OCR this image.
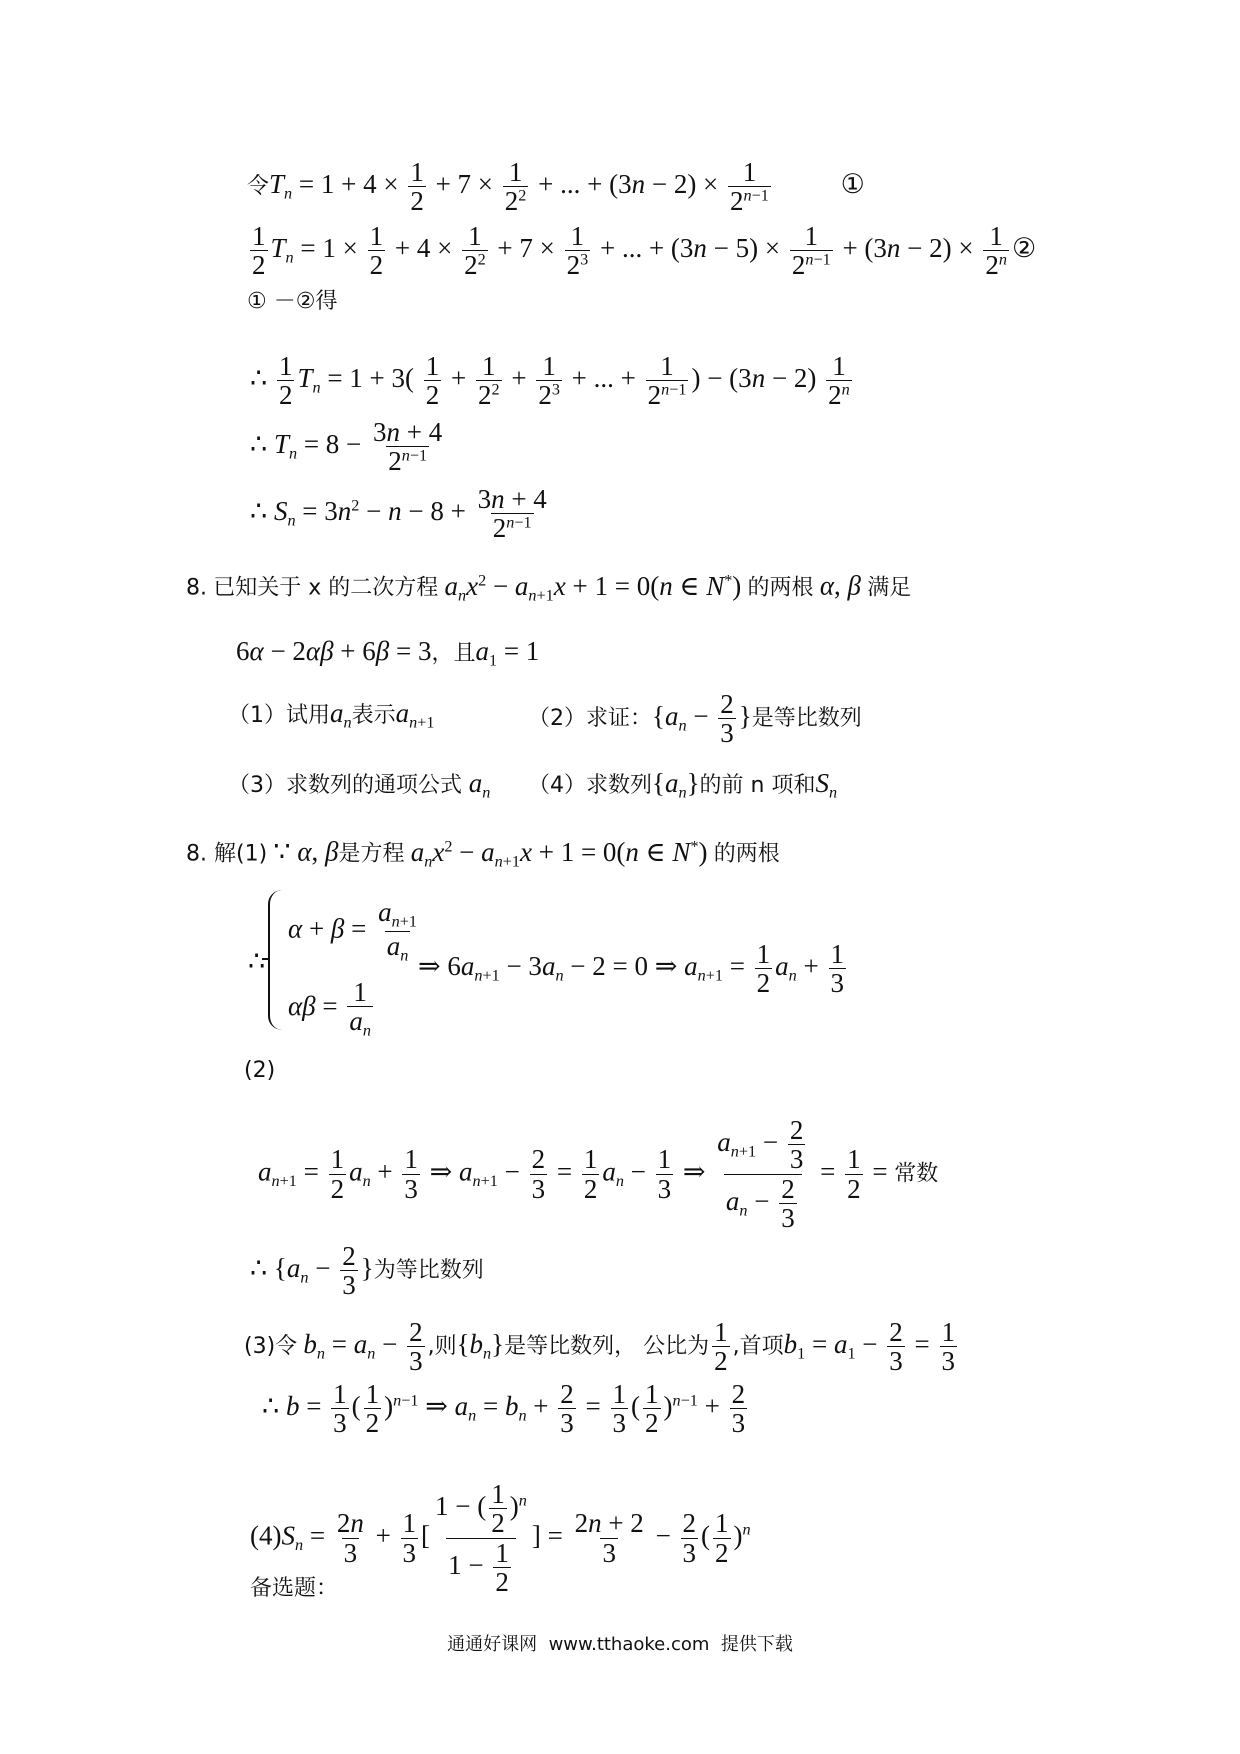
令$T_n = 1 + 4 \times \frac{1}{2} + 7 \times \frac{1}{2^2}$ + ... + $(3n - 2) \times \frac{1}{2^{n-1}}$	①
$\frac{1}{2} T_n = 1 \times \frac{1}{2} + 4 \times \frac{1}{2^2} + 7 \times \frac{1}{2^3}$ + ... + $(3n - 5) \times \frac{1}{2^{n-1}} + (3n - 2) \times \frac{1}{2^n}$ ②
① －②得
∴ $\frac{1}{2} T_n = 1 + 3( \frac{1}{2} + \frac{1}{2^2} + \frac{1}{2^3}$ + ... + $\frac{1}{2^{n-1}}$ ) − $(3n - 2) \frac{1}{2^n}$
∴ $T_n = 8 - \frac{3n + 4}{2^{n-1}}$
∴ $S_n = 3n^2 - n - 8 + \frac{3n + 4}{2^{n-1}}$
8. 已知关于 x 的二次方程 $a_nx^2 - a_{n+1}x + 1 = 0(n$ ∈ N*) 的两根 α, β 满足
6α − 2αβ + 6β = 3，且$a_1 = 1$
（1）试用$a_n$表示$a_{n+1}$	（2）求证：{$a_n - \frac{2}{3}$ }是等比数列
（3）求数列的通项公式 $a_n$ （4）求数列$\{a_n\}$的前 n 项和$S_n$
8. 解(1) ∵ α, β是方程 $a_nx^2 - a_{n+1}x + 1 = 0(n$ ∈ N*) 的两根
∴
$\alpha + \beta = \frac{a_{n+1}}{a_n}$
$\alpha\beta = \frac{1}{a_n}$
⇒ $6a_{n+1} - 3a_n - 2 = 0$ ⇒ $a_{n+1} = \frac{1}{2} a_n + \frac{1}{3}$
(2)
$a_{n+1} = \frac{1}{2} a_n + \frac{1}{3}$ ⇒ $a_{n+1} - \frac{2}{3} = \frac{1}{2} a_n - \frac{1}{3}$ ⇒ $\frac{a_{n+1} - \frac{2}{3}}{a_n - \frac{2}{3}} = \frac{1}{2}$ = 常数
∴ {$a_n - \frac{2}{3}$ }为等比数列
(3)令 $b_n = a_n - \frac{2}{3}$ ,则$\{b_n\}$是等比数列， 公比为 $\frac{1}{2}$ ,首项$b_1 = a_1 - \frac{2}{3} = \frac{1}{3}$
∴ $b = \frac{1}{3}$ ( $\frac{1}{2} )^{n-1}$ ⇒ $a_n = b_n + \frac{2}{3} = \frac{1}{3}$ ( $\frac{1}{2} )^{n-1} + \frac{2}{3}$
$(4)S_n = \frac{2n}{3} + \frac{1}{3}$ [ $\frac{1 - ( \frac{1}{2} )^n}{1 - \frac{1}{2}}$ ] = $\frac{2n + 2}{3} - \frac{2}{3}$ ( $\frac{1}{2} )^n$
备选题：
通通好课网 www.tthaoke.com 提供下载
